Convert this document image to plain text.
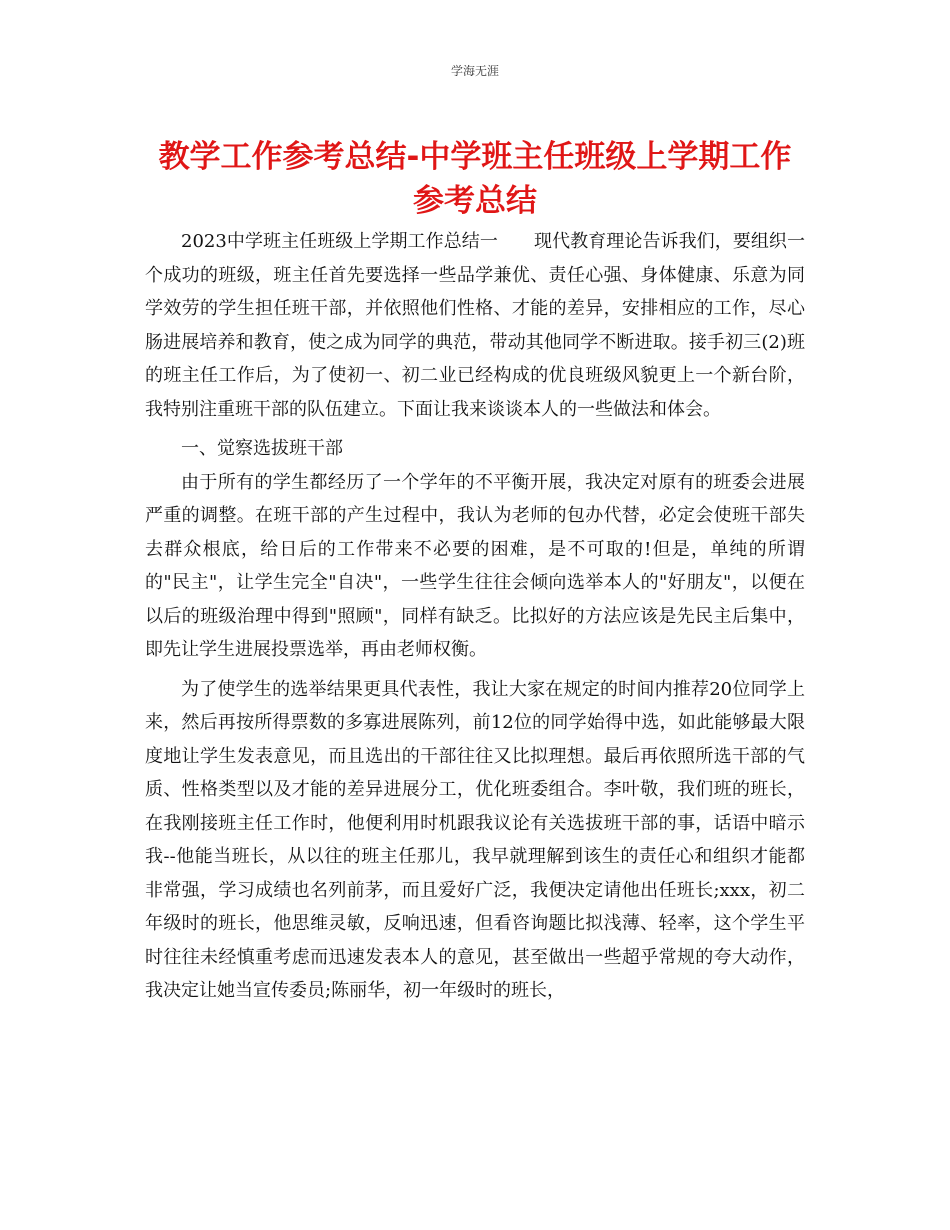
学海无涯
教学工作参考总结-中学班主任班级上学期工作参考总结

2023中学班主任班级上学期工作总结一　　现代教育理论告诉我们，要组织一个成功的班级，班主任首先要选择一些品学兼优、责任心强、身体健康、乐意为同学效劳的学生担任班干部，并依照他们性格、才能的差异，安排相应的工作，尽心肠进展培养和教育，使之成为同学的典范，带动其他同学不断进取。接手初三(2)班的班主任工作后，为了使初一、初二业已经构成的优良班级风貌更上一个新台阶，我特别注重班干部的队伍建立。下面让我来谈谈本人的一些做法和体会。

一、觉察选拔班干部

由于所有的学生都经历了一个学年的不平衡开展，我决定对原有的班委会进展严重的调整。在班干部的产生过程中，我认为老师的包办代替，必定会使班干部失去群众根底，给日后的工作带来不必要的困难，是不可取的!但是，单纯的所谓的"民主"，让学生完全"自决"，一些学生往往会倾向选举本人的"好朋友"，以便在以后的班级治理中得到"照顾"，同样有缺乏。比拟好的方法应该是先民主后集中，即先让学生进展投票选举，再由老师权衡。

为了使学生的选举结果更具代表性，我让大家在规定的时间内推荐20位同学上来，然后再按所得票数的多寡进展陈列，前12位的同学始得中选，如此能够最大限度地让学生发表意见，而且选出的干部往往又比拟理想。最后再依照所选干部的气质、性格类型以及才能的差异进展分工，优化班委组合。李叶敬，我们班的班长，在我刚接班主任工作时，他便利用时机跟我议论有关选拔班干部的事，话语中暗示我--他能当班长，从以往的班主任那儿，我早就理解到该生的责任心和组织才能都非常强，学习成绩也名列前茅，而且爱好广泛，我便决定请他出任班长;xxx，初二年级时的班长，他思维灵敏，反响迅速，但看咨询题比拟浅薄、轻率，这个学生平时往往未经慎重考虑而迅速发表本人的意见，甚至做出一些超乎常规的夸大动作，我决定让她当宣传委员;陈丽华，初一年级时的班长，
